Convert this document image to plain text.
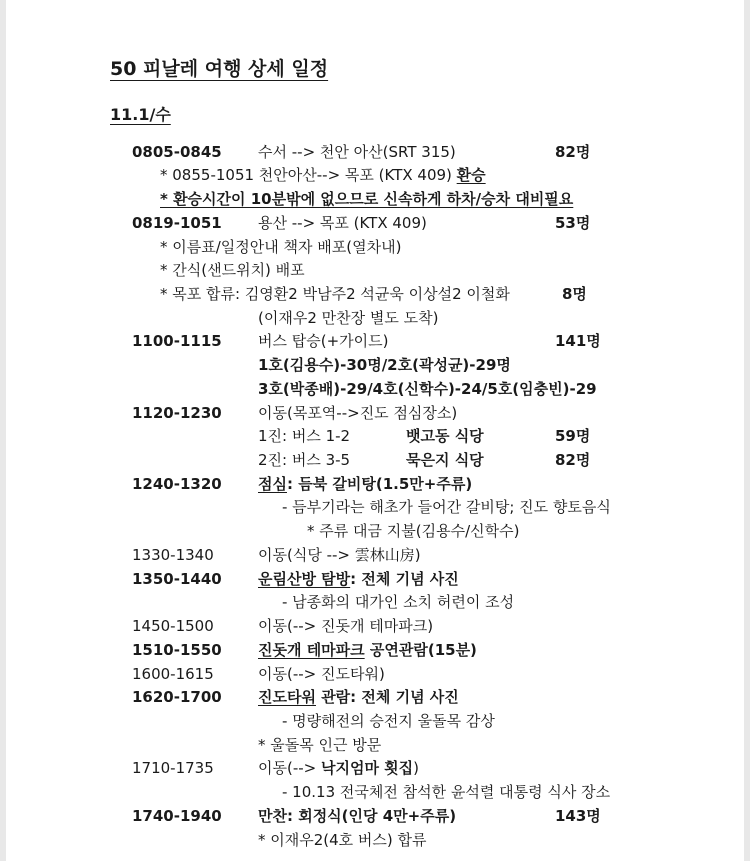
50 피날레 여행 상세 일정
11.1/수
0805-0845 수서 --> 천안 아산(SRT 315)	82명
* 0855-1051 천안아산--> 목포 (KTX 409) 환승
* 환승시간이 10분밖에 없으므로 신속하게 하차/승차 대비필요
0819-1051 용산 --> 목포 (KTX 409)	53명
* 이름표/일정안내 책자 배포(열차내)
* 간식(샌드위치) 배포
* 목포 합류: 김영환2 박남주2 석균욱 이상설2 이철화	8명
(이재우2 만찬장 별도 도착)
1100-1115 버스 탑승(+가이드)	141명
1호(김용수)-30명/2호(곽성균)-29명
3호(박종배)-29/4호(신학수)-24/5호(임충빈)-29
1120-1230 이동(목포역-->진도 점심장소)
1진: 버스 1-2	뱃고동 식당	59명
2진: 버스 3-5	묵은지 식당	82명
1240-1320 점심: 듬북 갈비탕(1.5만+주류)
- 듬부기라는 해초가 들어간 갈비탕; 진도 향토음식
* 주류 대금 지불(김용수/신학수)
1330-1340	이동(식당 --> 雲林山房)
1350-1440 운림산방 탐방: 전체 기념 사진
- 남종화의 대가인 소치 허련이 조성
1450-1500	이동(--> 진돗개 테마파크)
1510-1550 진돗개 테마파크 공연관람(15분)
1600-1615	이동(--> 진도타워)
1620-1700 진도타워 관람: 전체 기념 사진
- 명량해전의 승전지 울돌목 감상
* 울돌목 인근 방문
1710-1735	이동(--> 낙지엄마 횟집)
- 10.13 전국체전 참석한 윤석렬 대통령 식사 장소
1740-1940 만찬: 회정식(인당 4만+주류)	143명
* 이재우2(4호 버스) 합류
